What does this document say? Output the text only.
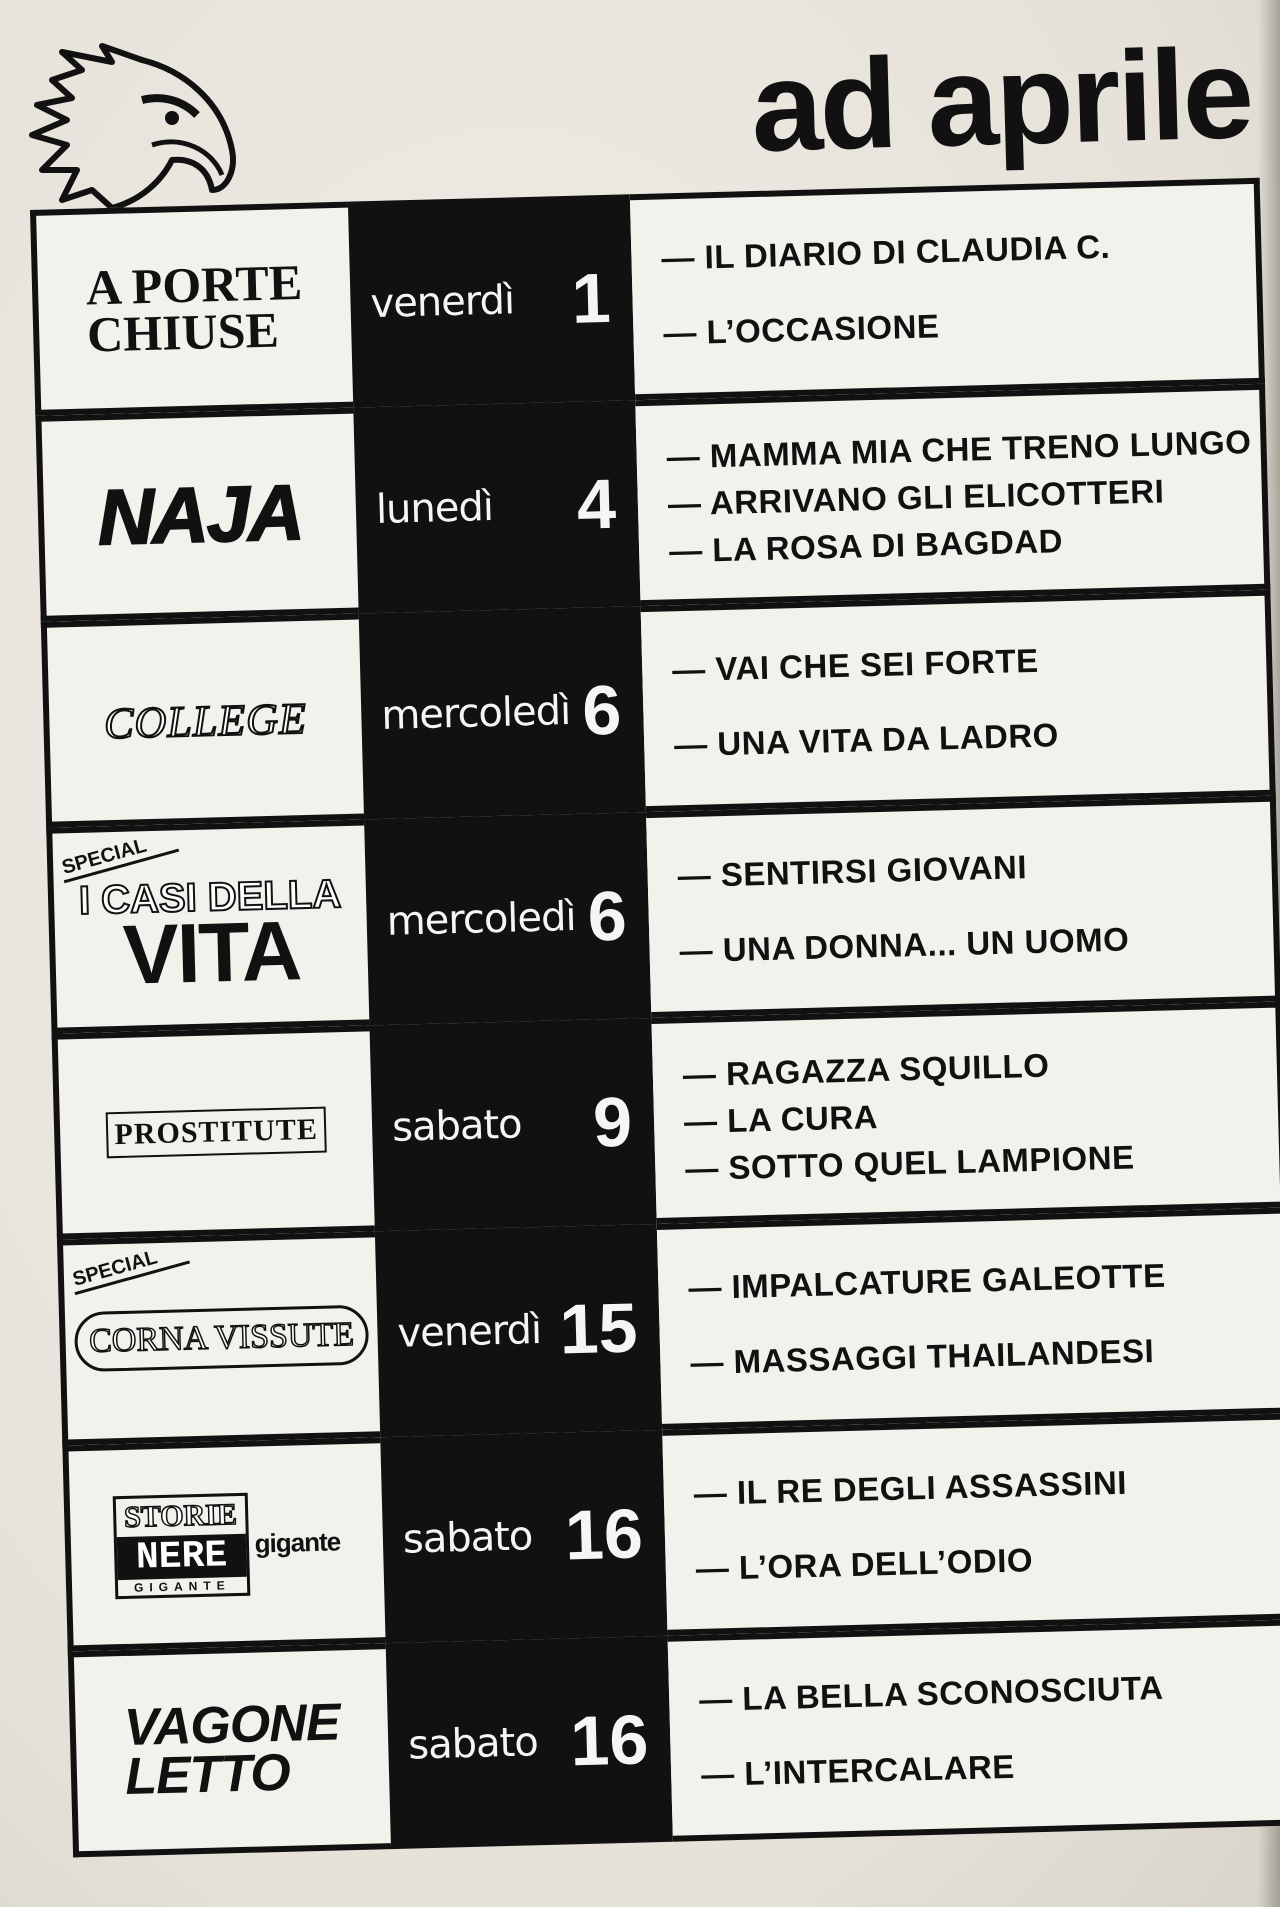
ad aprile
A PORTE
CHIUSE	venerdì 1
— IL DIARIO DI CLAUDIA C.
— L’OCCASIONE
NAJA lunedì 4
— MAMMA MIA CHE TRENO LUNGO
— ARRIVANO GLI ELICOTTERI
— LA ROSA DI BAGDAD
COLLEGE mercoledì 6
— VAI CHE SEI FORTE
— UNA VITA DA LADRO
SPECIAL
I CASI DELLA
VITA	mercoledì 6
— SENTIRSI GIOVANI
— UNA DONNA... UN UOMO
PROSTITUTE sabato 9
— RAGAZZA SQUILLO
— LA CURA
— SOTTO QUEL LAMPIONE
SPECIAL
CORNA VISSUTE venerdì 15
— IMPALCATURE GALEOTTE
— MASSAGGI THAILANDESI
STORIE
NERE
GIGANTE
gigante sabato 16
— IL RE DEGLI ASSASSINI
— L’ORA DELL’ODIO
VAGONE
LETTO	sabato 16
— LA BELLA SCONOSCIUTA
— L’INTERCALARE
